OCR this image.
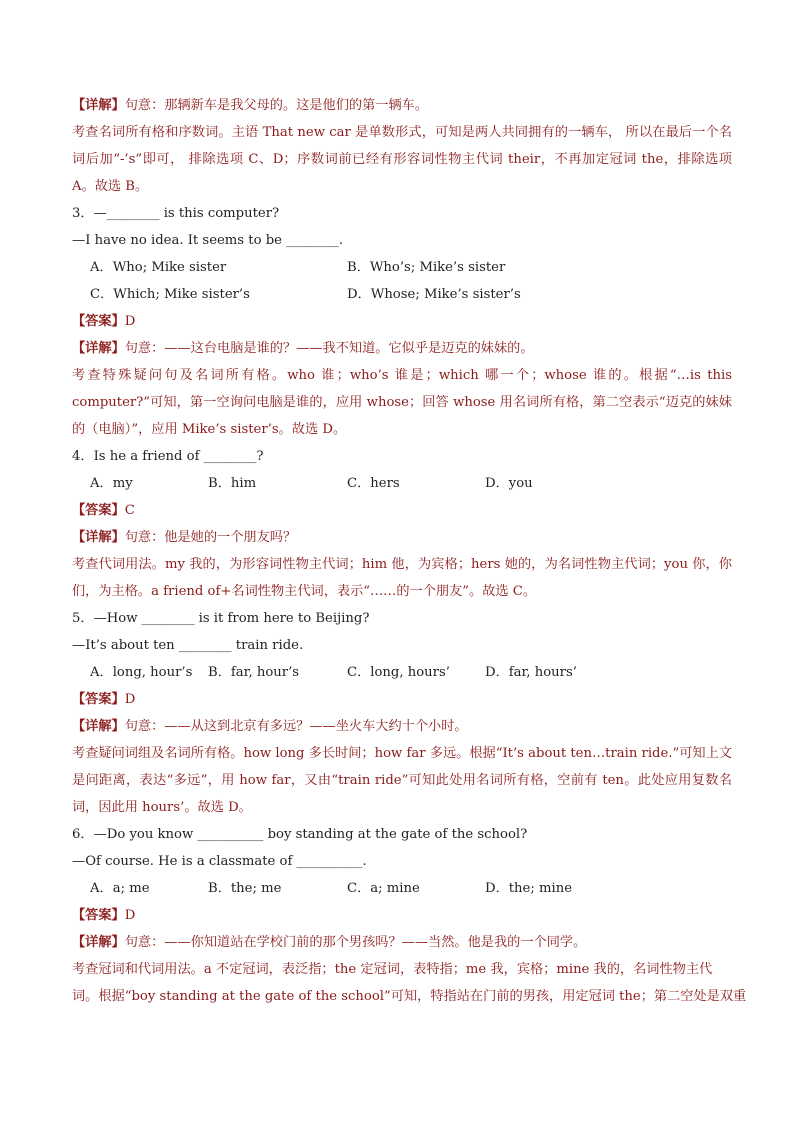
【详解】句意：那辆新车是我父母的。这是他们的第一辆车。
考查名词所有格和序数词。主语 That new car 是单数形式，可知是两人共同拥有的一辆车， 所以在最后一个名词后加“-’s”即可， 排除选项 C、D；序数词前已经有形容词性物主代词 their，不再加定冠词 the，排除选项 A。故选 B。
3．—________ is this computer?
—I have no idea. It seems to be ________.
A．Who; Mike sister	B．Who’s; Mike’s sister
C．Which; Mike sister’s	D．Whose; Mike’s sister’s
【答案】D
【详解】句意：——这台电脑是谁的？——我不知道。它似乎是迈克的妹妹的。
考查特殊疑问句及名词所有格。who 谁；who’s 谁是；which 哪一个；whose 谁的。根据“…is this computer?”可知，第一空询问电脑是谁的，应用 whose；回答 whose 用名词所有格，第二空表示“迈克的妹妹的（电脑）”，应用 Mike’s sister’s。故选 D。
4．Is he a friend of ________?
A．my	B．him	C．hers	D．you
【答案】C
【详解】句意：他是她的一个朋友吗？
考查代词用法。my 我的，为形容词性物主代词；him 他，为宾格；hers 她的，为名词性物主代词；you 你，你们，为主格。a friend of+名词性物主代词，表示“……的一个朋友”。故选 C。
5．—How ________ is it from here to Beijing?
—It’s about ten ________ train ride.
A．long, hour’s B．far, hour’s	C．long, hours’	D．far, hours’
【答案】D
【详解】句意：——从这到北京有多远？——坐火车大约十个小时。
考查疑问词组及名词所有格。how long 多长时间；how far 多远。根据“It’s about ten…train ride.”可知上文是问距离，表达“多远”，用 how far，又由“train ride”可知此处用名词所有格，空前有 ten。此处应用复数名词，因此用 hours’。故选 D。
6．—Do you know __________ boy standing at the gate of the school?
—Of course. He is a classmate of __________.
A．a; me	B．the; me	C．a; mine	D．the; mine
【答案】D
【详解】句意：——你知道站在学校门前的那个男孩吗？——当然。他是我的一个同学。
考查冠词和代词用法。a 不定冠词，表泛指；the 定冠词，表特指；me 我，宾格；mine 我的，名词性物主代
词。根据“boy standing at the gate of the school”可知，特指站在门前的男孩，用定冠词 the；第二空处是双重
